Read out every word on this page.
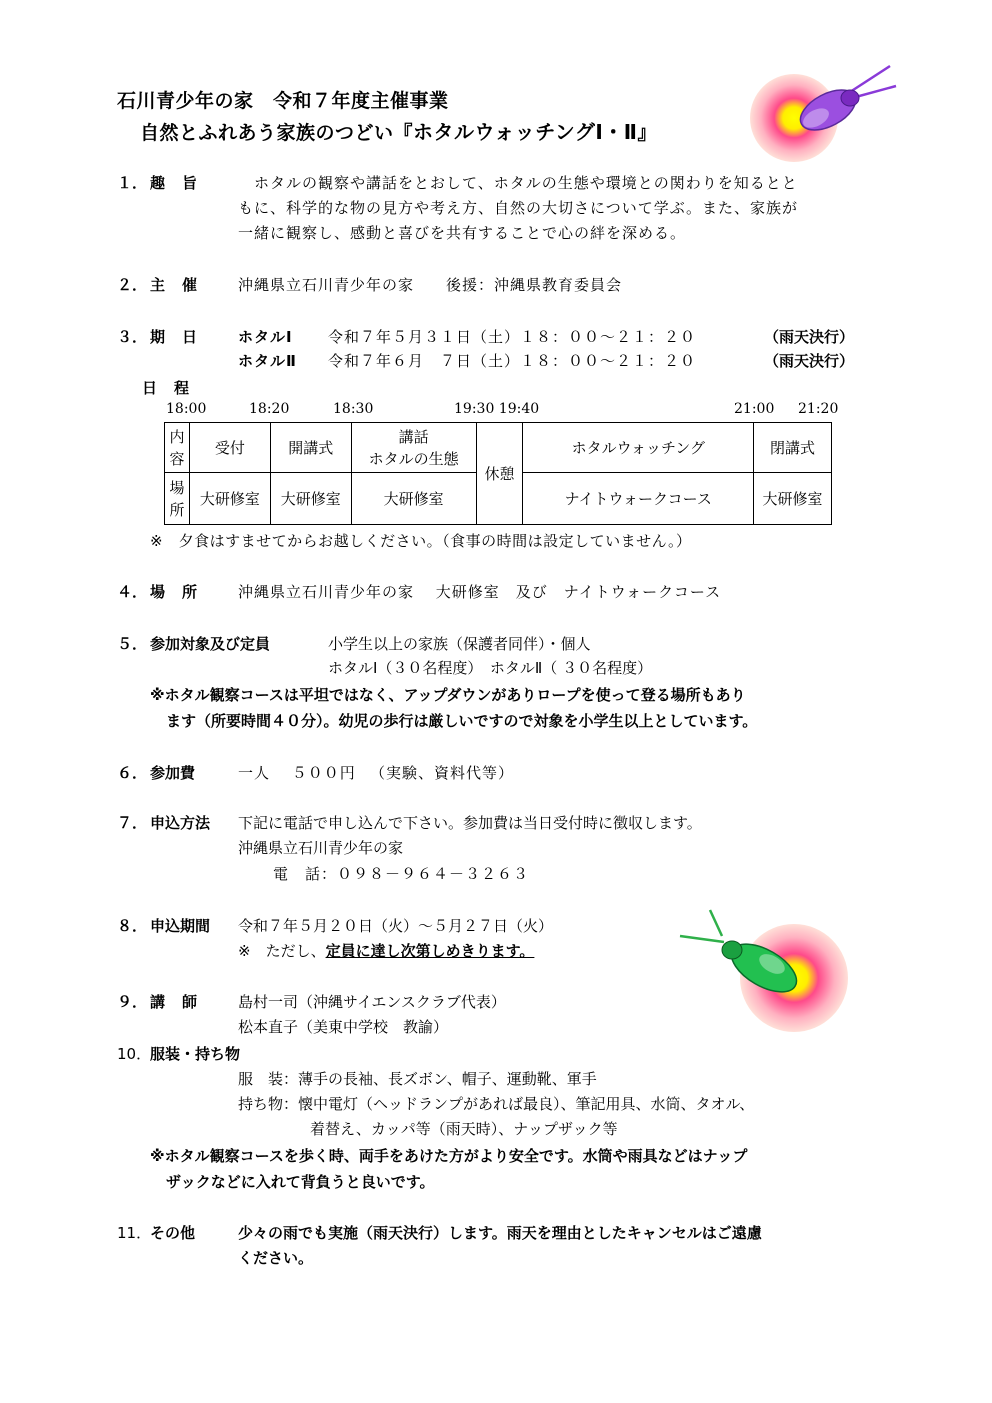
石川青少年の家　令和７年度主催事業
自然とふれあう家族のつどい『ホタルウォッチングⅠ・Ⅱ』
１． 趣　旨	　ホタルの観察や講話をとおして、ホタルの生態や環境との関わりを知るとと
もに、科学的な物の見方や考え方、自然の大切さについて学ぶ。また、家族が
一緒に観察し、感動と喜びを共有することで心の絆を深める。
２． 主　催	沖縄県立石川青少年の家　　後援：沖縄県教育委員会
３． 期　日	ホタルⅠ 令和７年５月３１日（土）１８：００～２１：２０	（雨天決行）
ホタルⅡ 令和７年６月　７日（土）１８：００～２１：２０	（雨天決行）
日　程
18:00	18:20	18:30	19:30 19:40	21:00 21:20
内容	受付	開講式	講話
ホタルの生態	休憩	ホタルウォッチング	閉講式
場所	大研修室	大研修室	大研修室		ナイトウォークコース	大研修室
※　夕食はすませてからお越しください。（食事の時間は設定していません。）
４． 場　所	沖縄県立石川青少年の家　 大研修室　及び　ナイトウォークコース
５． 参加対象及び定員	小学生以上の家族（保護者同伴）・個人
ホタルⅠ（３０名程度）　ホタルⅡ（ ３０名程度）
※ホタル観察コースは平坦ではなく、アップダウンがありロープを使って登る場所もあり
ます（所要時間４０分）。幼児の歩行は厳しいですので対象を小学生以上としています。
６． 参加費	一人　 ５００円 　（実験、資料代等）
７． 申込方法 下記に電話で申し込んで下さい。参加費は当日受付時に徴収します。
沖縄県立石川青少年の家
電　話：０９８－９６４－３２６３
８． 申込期間 令和７年５月２０日（火）～５月２７日（火）
※　ただし、定員に達し次第しめきります。
９． 講　師	島村一司（沖縄サイエンスクラブ代表）
松本直子（美東中学校　教諭）
10．
服装・持ち物
服　装：薄手の長袖、長ズボン、帽子、運動靴、軍手
持ち物：懐中電灯（ヘッドランプがあれば最良）、筆記用具、水筒、タオル、
着替え、カッパ等（雨天時）、ナップザック等
※ホタル観察コースを歩く時、両手をあけた方がより安全です。水筒や雨具などはナップ
ザックなどに入れて背負うと良いです。
11．
その他	少々の雨でも実施（雨天決行）します。雨天を理由としたキャンセルはご遠慮
ください。
